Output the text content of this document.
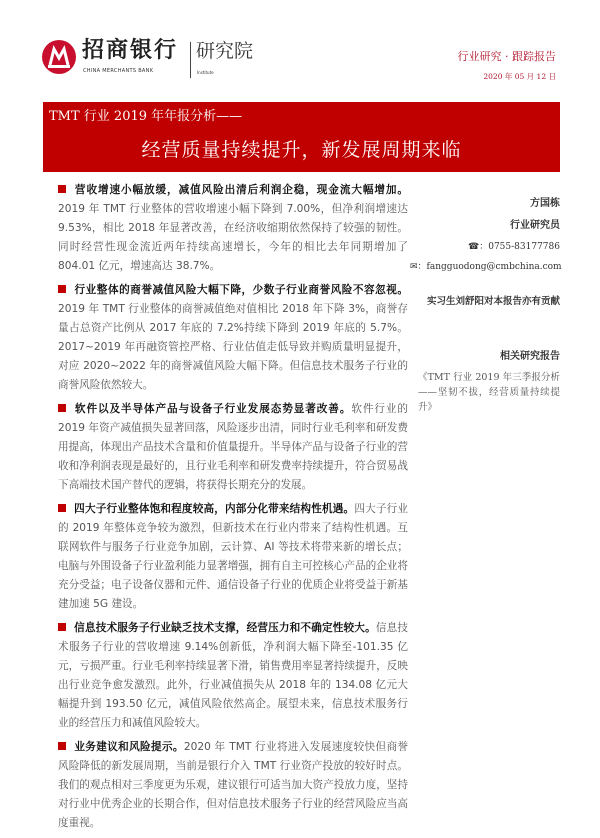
招商银行
CHINA MERCHANTS BANK
研究院
Institute
行业研究 · 跟踪报告
2020 年 05 月 12 日
TMT 行业 2019 年年报分析——
经营质量持续提升，新发展周期来临
营收增速小幅放缓，减值风险出清后利润企稳，现金流大幅增加。2019 年 TMT 行业整体的营收增速小幅下降到 7.00%，但净利润增速达 9.53%，相比 2018 年显著改善，在经济收缩期依然保持了较强的韧性。同时经营性现金流近两年持续高速增长，今年的相比去年同期增加了 804.01 亿元，增速高达 38.7%。
行业整体的商誉减值风险大幅下降，少数子行业商誉风险不容忽视。2019 年 TMT 行业整体的商誉减值绝对值相比 2018 年下降 3%，商誉存量占总资产比例从 2017 年底的 7.2%持续下降到 2019 年底的 5.7%。 2017~2019 年再融资管控严格、行业估值走低导致并购质量明显提升，对应 2020~2022 年的商誉减值风险大幅下降。但信息技术服务子行业的商誉风险依然较大。
软件以及半导体产品与设备子行业发展态势显著改善。软件行业的 2019 年资产减值损失显著回落，风险逐步出清，同时行业毛利率和研发费用提高，体现出产品技术含量和价值量提升。半导体产品与设备子行业的营收和净利润表现是最好的，且行业毛利率和研发费率持续提升，符合贸易战下高端技术国产替代的逻辑，将获得长期充分的发展。
四大子行业整体饱和程度较高，内部分化带来结构性机遇。四大子行业的 2019 年整体竞争较为激烈，但新技术在行业内带来了结构性机遇。互联网软件与服务子行业竞争加剧，云计算、AI 等技术将带来新的增长点；电脑与外围设备子行业盈利能力显著增强，拥有自主可控核心产品的企业将充分受益；电子设备仪器和元件、通信设备子行业的优质企业将受益于新基建加速 5G 建设。
信息技术服务子行业缺乏技术支撑，经营压力和不确定性较大。信息技术服务子行业的营收增速 9.14%创新低，净利润大幅下降至-101.35 亿元，亏损严重。行业毛利率持续显著下滑，销售费用率显著持续提升，反映出行业竞争愈发激烈。此外，行业减值损失从 2018 年的 134.08 亿元大幅提升到 193.50 亿元，减值风险依然高企。展望未来，信息技术服务行业的经营压力和减值风险较大。
业务建议和风险提示。2020 年 TMT 行业将进入发展速度较快但商誉风险降低的新发展周期，当前是银行介入 TMT 行业资产投放的较好时点。我们的观点相对三季度更为乐观，建议银行可适当加大资产投放力度，坚持对行业中优秀企业的长期合作，但对信息技术服务子行业的经营风险应当高度重视。
方国栋
行业研究员
☎：0755-83177786
✉：fangguodong@cmbchina.com
实习生刘舒阳对本报告亦有贡献
相关研究报告
《TMT 行业 2019 年三季报分析——坚韧不拔，经营质量持续提升》
